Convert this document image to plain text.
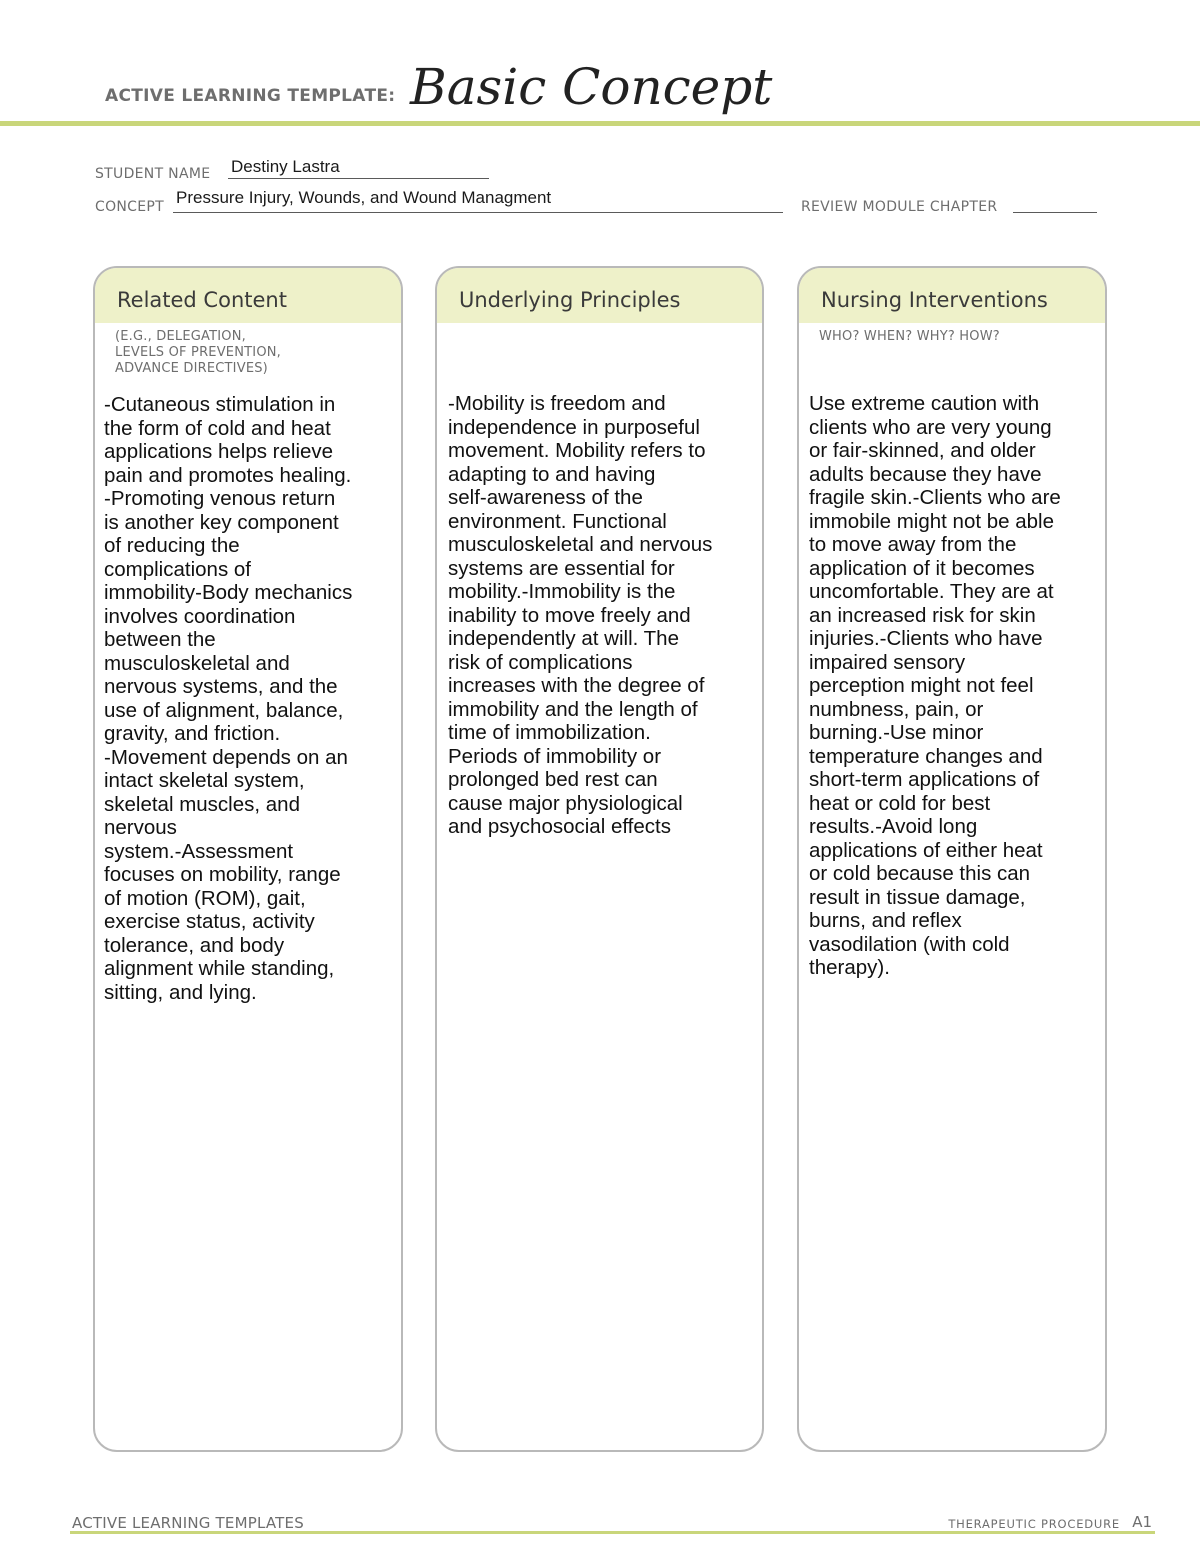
ACTIVE LEARNING TEMPLATE: Basic Concept
STUDENT NAME Destiny Lastra
CONCEPT Pressure Injury, Wounds, and Wound Managment	REVIEW MODULE CHAPTER
Related Content
(E.G., DELEGATION,
LEVELS OF PREVENTION,
ADVANCE DIRECTIVES)
-Cutaneous stimulation in
the form of cold and heat
applications helps relieve
pain and promotes healing.
-Promoting venous return
is another key component
of reducing the
complications of
immobility-Body mechanics
involves coordination
between the
musculoskeletal and
nervous systems, and the
use of alignment, balance,
gravity, and friction.
-Movement depends on an
intact skeletal system,
skeletal muscles, and
nervous
system.-Assessment
focuses on mobility, range
of motion (ROM), gait,
exercise status, activity
tolerance, and body
alignment while standing,
sitting, and lying.
Underlying Principles
-Mobility is freedom and
independence in purposeful
movement. Mobility refers to
adapting to and having
self-awareness of the
environment. Functional
musculoskeletal and nervous
systems are essential for
mobility.-Immobility is the
inability to move freely and
independently at will. The
risk of complications
increases with the degree of
immobility and the length of
time of immobilization.
Periods of immobility or
prolonged bed rest can
cause major physiological
and psychosocial effects
Nursing Interventions
WHO? WHEN? WHY? HOW?
Use extreme caution with
clients who are very young
or fair-skinned, and older
adults because they have
fragile skin.-Clients who are
immobile might not be able
to move away from the
application of it becomes
uncomfortable. They are at
an increased risk for skin
injuries.-Clients who have
impaired sensory
perception might not feel
numbness, pain, or
burning.-Use minor
temperature changes and
short-term applications of
heat or cold for best
results.-Avoid long
applications of either heat
or cold because this can
result in tissue damage,
burns, and reflex
vasodilation (with cold
therapy).
ACTIVE LEARNING TEMPLATES	THERAPEUTIC PROCEDURE A1
